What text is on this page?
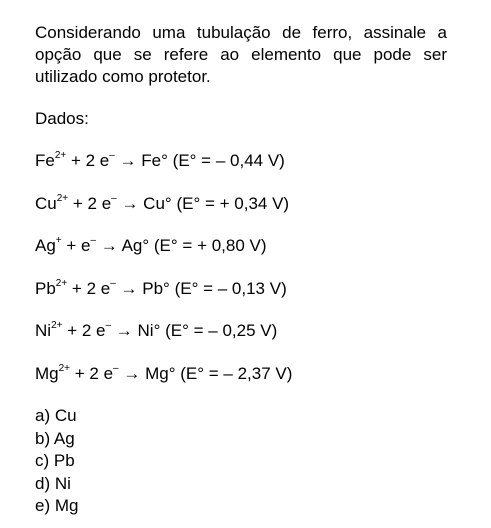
Considerando uma tubulação de ferro, assinale a opção que se refere ao elemento que pode ser utilizado como protetor.
Dados:
$Fe^{2+} + 2$ e– → Fe° (E° = – 0,44 V)
$Cu^{2+} + 2$ e– → Cu° (E° = + 0,34 V)
Ag+ + e– → Ag° (E° = + 0,80 V)
$Pb^{2+} + 2$ e– → Pb° (E° = – 0,13 V)
$Ni^{2+} + 2$ e– → Ni° (E° = – 0,25 V)
$Mg^{2+} + 2$ e– → Mg° (E° = – 2,37 V)
a) Cu
b) Ag
c) Pb
d) Ni
e) Mg
